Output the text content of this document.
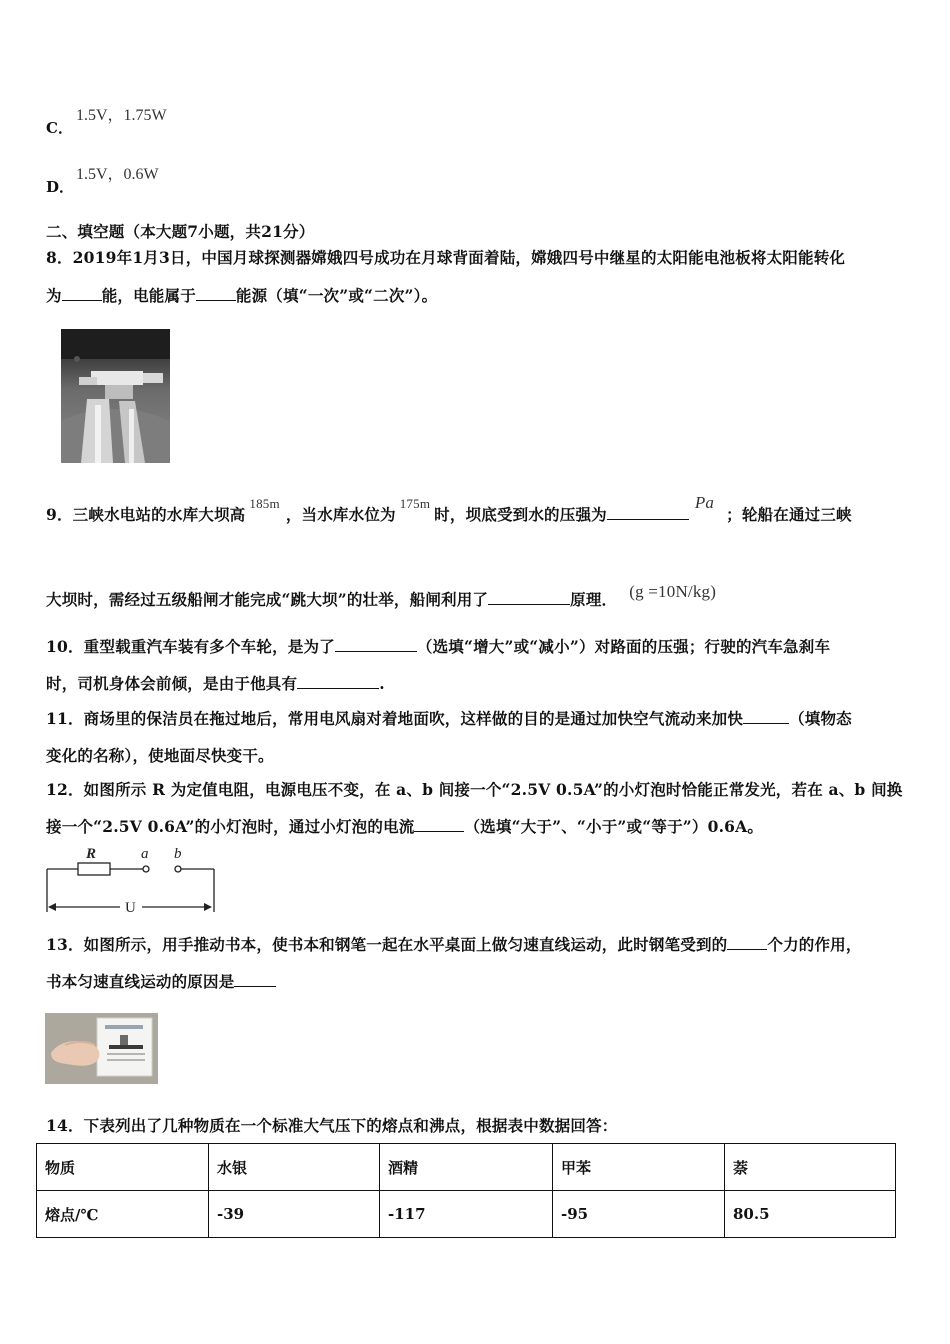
1.5V，1.75W
C．
1.5V，0.6W
D．
二、填空题（本大题7小题，共21分）
8．2019年1月3日，中国月球探测器嫦娥四号成功在月球背面着陆，嫦娥四号中继星的太阳能电池板将太阳能转化
为	能，电能属于	能源（填“一次”或“二次”）。
9．三峡水电站的水库大坝高$^{185m}$，当水库水位为$^{175m}$时，坝底受到水的压强为Pa；轮船在通过三峡
大坝时，需经过五级船闸才能完成“跳大坝”的壮举，船闸利用了	原理． (g =10N/kg)
10．重型载重汽车装有多个车轮，是为了	（选填“增大”或“减小”）对路面的压强；行驶的汽车急刹车
时，司机身体会前倾，是由于他具有	.
11．商场里的保洁员在拖过地后，常用电风扇对着地面吹，这样做的目的是通过加快空气流动来加快	（填物态
变化的名称），使地面尽快变干。
12．如图所示 R 为定值电阻，电源电压不变，在 a、b 间接一个“2.5V 0.5A”的小灯泡时恰能正常发光，若在 a、b 间换
接一个“2.5V 0.6A”的小灯泡时，通过小灯泡的电流	（选填“大于”、“小于”或“等于”）0.6A。
R	a b
U
13．如图所示，用手推动书本，使书本和钢笔一起在水平桌面上做匀速直线运动，此时钢笔受到的	个力的作用，
书本匀速直线运动的原因是
14．下表列出了几种物质在一个标准大气压下的熔点和沸点，根据表中数据回答：
物质	水银	酒精	甲苯	萘
熔点/℃	-39	-117	-95	80.5
